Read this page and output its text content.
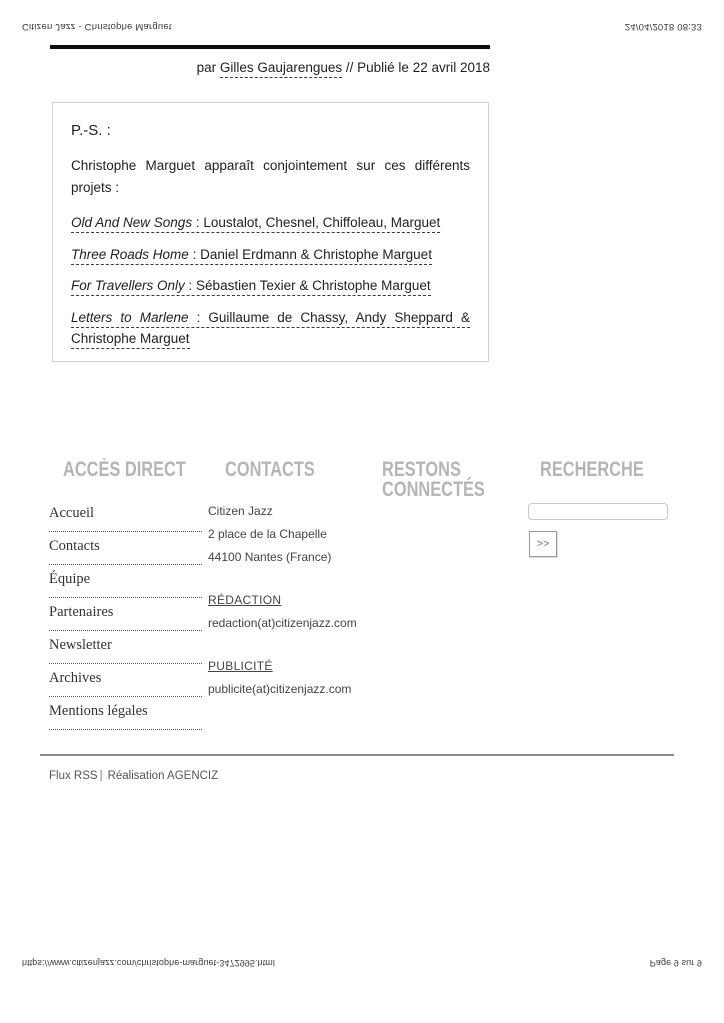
Citizen Jazz - Christophe Marguet	24/04/2018 08:33

par Gilles Gaujarengues // Publié le 22 avril 2018

P.-S. :

Christophe Marguet apparaît conjointement sur ces différents projets :

Old And New Songs : Loustalot, Chesnel, Chiffoleau, Marguet

Three Roads Home : Daniel Erdmann & Christophe Marguet

For Travellers Only : Sébastien Texier & Christophe Marguet

Letters to Marlene : Guillaume de Chassy, Andy Sheppard & Christophe Marguet

ACCÈS DIRECT CONTACTS	RESTONS CONNECTÉS
RECHERCHE
Accueil
Contacts
Équipe
Partenaires
Newsletter
Archives
Mentions légales

Citizen Jazz

2 place de la Chapelle

44100 Nantes (France)

RÉDACTION

redaction(at)citizenjazz.com

PUBLICITÉ

publicite(at)citizenjazz.com

>>

Flux RSS | Réalisation AGENCIZ

https://www.citizenjazz.com/christophe-marguet-3472995.html	Page 9 sur 9
